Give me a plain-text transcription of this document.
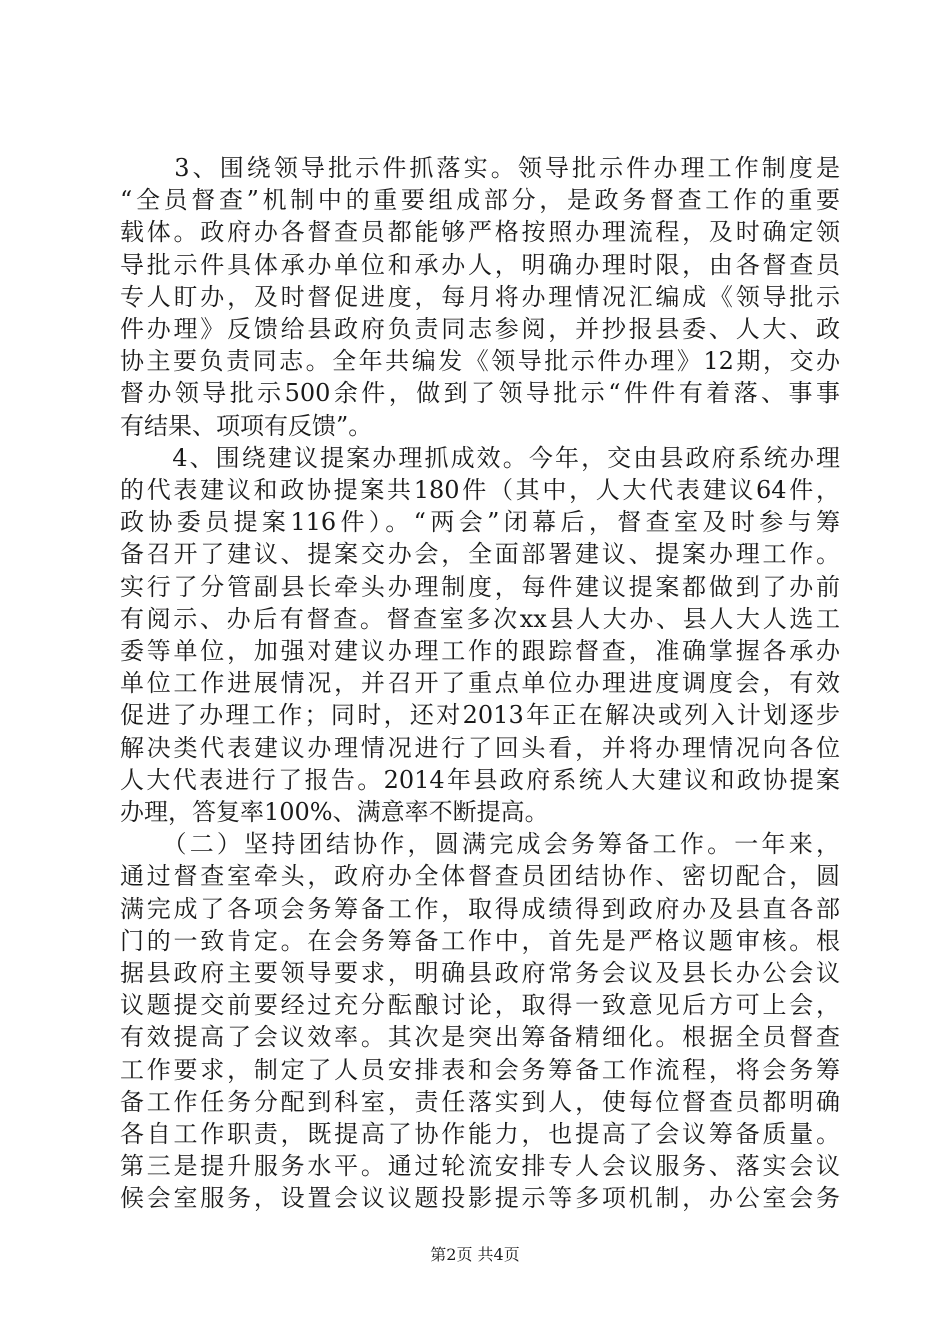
　　3、围绕领导批示件抓落实。领导批示件办理工作制度是
“全员督查”机制中的重要组成部分，是政务督查工作的重要
载体。政府办各督查员都能够严格按照办理流程，及时确定领
导批示件具体承办单位和承办人，明确办理时限，由各督查员
专人盯办，及时督促进度，每月将办理情况汇编成《领导批示
件办理》反馈给县政府负责同志参阅，并抄报县委、人大、政
协主要负责同志。全年共编发《领导批示件办理》12期，交办
督办领导批示500余件，做到了领导批示“件件有着落、事事
有结果、项项有反馈”。
　　4、围绕建议提案办理抓成效。今年，交由县政府系统办理
的代表建议和政协提案共180件（其中，人大代表建议64件，
政协委员提案116件）。“两会”闭幕后，督查室及时参与筹
备召开了建议、提案交办会，全面部署建议、提案办理工作。
实行了分管副县长牵头办理制度，每件建议提案都做到了办前
有阅示、办后有督查。督查室多次xx县人大办、县人大人选工
委等单位，加强对建议办理工作的跟踪督查，准确掌握各承办
单位工作进展情况，并召开了重点单位办理进度调度会，有效
促进了办理工作；同时，还对2013年正在解决或列入计划逐步
解决类代表建议办理情况进行了回头看，并将办理情况向各位
人大代表进行了报告。2014年县政府系统人大建议和政协提案
办理，答复率100%、满意率不断提高。
　　（二）坚持团结协作，圆满完成会务筹备工作。一年来，
通过督查室牵头，政府办全体督查员团结协作、密切配合，圆
满完成了各项会务筹备工作，取得成绩得到政府办及县直各部
门的一致肯定。在会务筹备工作中，首先是严格议题审核。根
据县政府主要领导要求，明确县政府常务会议及县长办公会议
议题提交前要经过充分酝酿讨论，取得一致意见后方可上会，
有效提高了会议效率。其次是突出筹备精细化。根据全员督查
工作要求，制定了人员安排表和会务筹备工作流程，将会务筹
备工作任务分配到科室，责任落实到人，使每位督查员都明确
各自工作职责，既提高了协作能力，也提高了会议筹备质量。
第三是提升服务水平。通过轮流安排专人会议服务、落实会议
候会室服务，设置会议议题投影提示等多项机制，办公室会务
第2页 共4页
